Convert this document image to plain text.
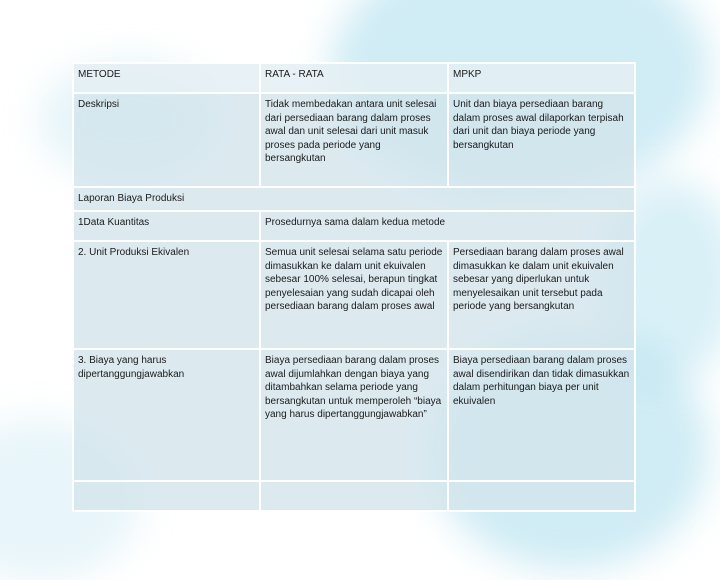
METODE	RATA - RATA	MPKP
Deskripsi	Tidak membedakan antara unit selesai dari persediaan barang dalam proses awal dan unit selesai dari unit masuk proses pada periode yang bersangkutan	Unit dan biaya persediaan barang dalam proses awal dilaporkan terpisah dari unit dan biaya periode yang bersangkutan
Laporan Biaya Produksi		
1Data Kuantitas	Prosedurnya sama dalam kedua metode	
2. Unit Produksi Ekivalen	Semua unit selesai selama satu periode dimasukkan ke dalam unit ekuivalen sebesar 100% selesai, berapun tingkat penyelesaian yang sudah dicapai oleh persediaan barang dalam proses awal	Persediaan barang dalam proses awal dimasukkan ke dalam unit ekuivalen sebesar yang diperlukan untuk menyelesaikan unit tersebut pada periode yang bersangkutan
3. Biaya yang harus dipertanggungjawabkan	Biaya persediaan barang dalam proses awal dijumlahkan dengan biaya yang ditambahkan selama periode yang bersangkutan untuk memperoleh “biaya yang harus dipertanggungjawabkan”	Biaya persediaan barang dalam proses awal disendirikan dan tidak dimasukkan dalam perhitungan biaya per unit ekuivalen
